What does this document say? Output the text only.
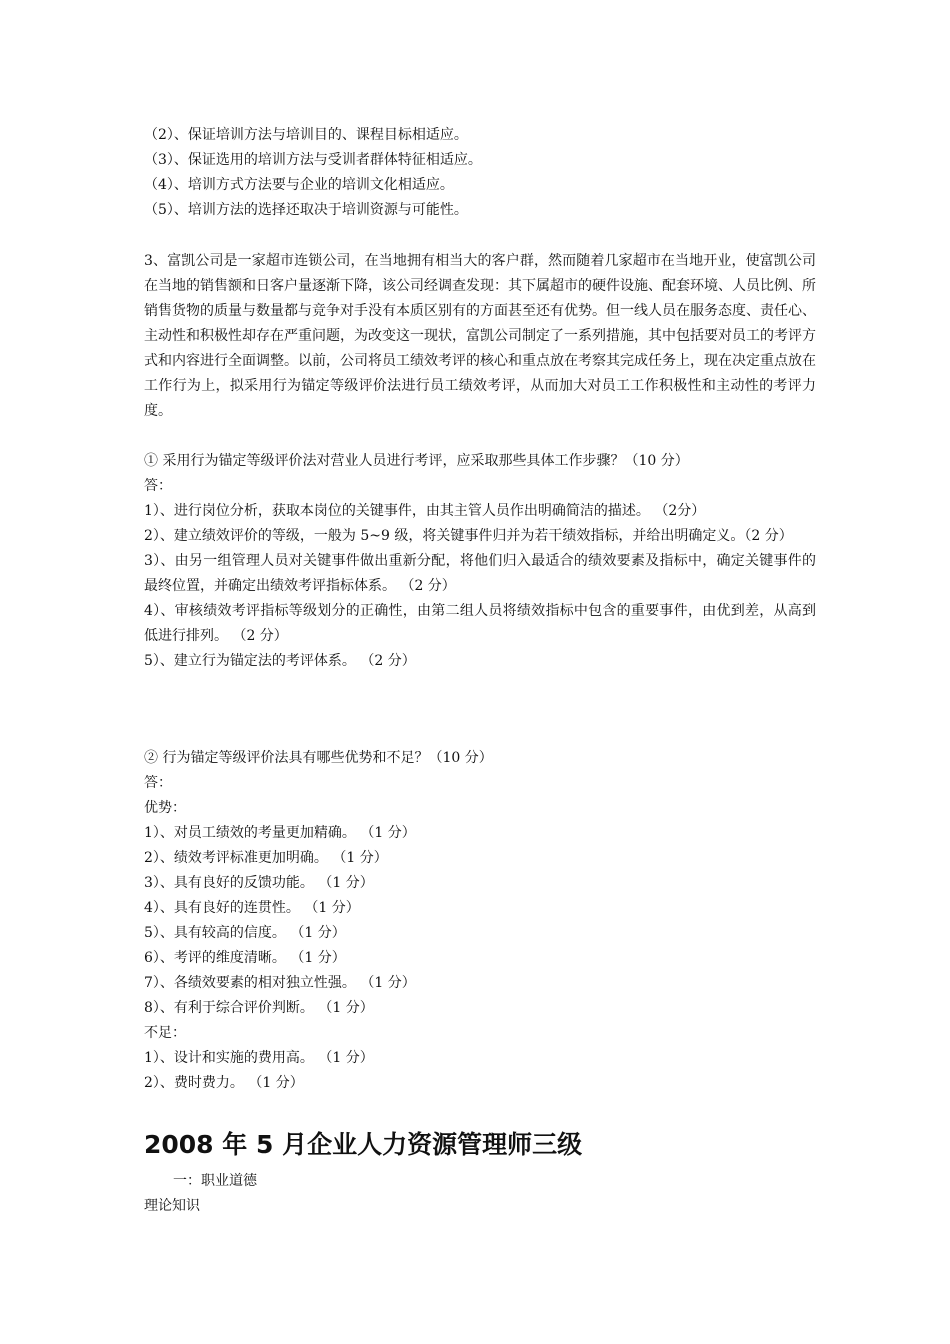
（2）、保证培训方法与培训目的、课程目标相适应。
（3）、保证选用的培训方法与受训者群体特征相适应。
（4）、培训方式方法要与企业的培训文化相适应。
（5）、培训方法的选择还取决于培训资源与可能性。
3、富凯公司是一家超市连锁公司，在当地拥有相当大的客户群，然而随着几家超市在当地开业，使富凯公司在当地的销售额和日客户量逐渐下降，该公司经调查发现：其下属超市的硬件设施、配套环境、人员比例、所销售货物的质量与数量都与竞争对手没有本质区别有的方面甚至还有优势。但一线人员在服务态度、责任心、主动性和积极性却存在严重问题，为改变这一现状，富凯公司制定了一系列措施，其中包括要对员工的考评方式和内容进行全面调整。以前，公司将员工绩效考评的核心和重点放在考察其完成任务上，现在决定重点放在工作行为上，拟采用行为锚定等级评价法进行员工绩效考评，从而加大对员工工作积极性和主动性的考评力度。
① 采用行为锚定等级评价法对营业人员进行考评，应采取那些具体工作步骤？（10 分）
答：
1）、进行岗位分析，获取本岗位的关键事件，由其主管人员作出明确简洁的描述。 （2分）
2）、建立绩效评价的等级，一般为 5~9 级，将关键事件归并为若干绩效指标，并给出明确定义。（2 分）
3）、由另一组管理人员对关键事件做出重新分配，将他们归入最适合的绩效要素及指标中，确定关键事件的最终位置，并确定出绩效考评指标体系。 （2 分）
4）、审核绩效考评指标等级划分的正确性，由第二组人员将绩效指标中包含的重要事件，由优到差，从高到低进行排列。 （2 分）
5）、建立行为锚定法的考评体系。 （2 分）
② 行为锚定等级评价法具有哪些优势和不足？（10 分）
答：
优势：
1）、对员工绩效的考量更加精确。 （1 分）
2）、绩效考评标准更加明确。 （1 分）
3）、具有良好的反馈功能。 （1 分）
4）、具有良好的连贯性。 （1 分）
5）、具有较高的信度。 （1 分）
6）、考评的维度清晰。 （1 分）
7）、各绩效要素的相对独立性强。 （1 分）
8）、有利于综合评价判断。 （1 分）
不足：
1）、设计和实施的费用高。 （1 分）
2）、费时费力。 （1 分）
2008 年 5 月企业人力资源管理师三级
一：职业道德
理论知识
